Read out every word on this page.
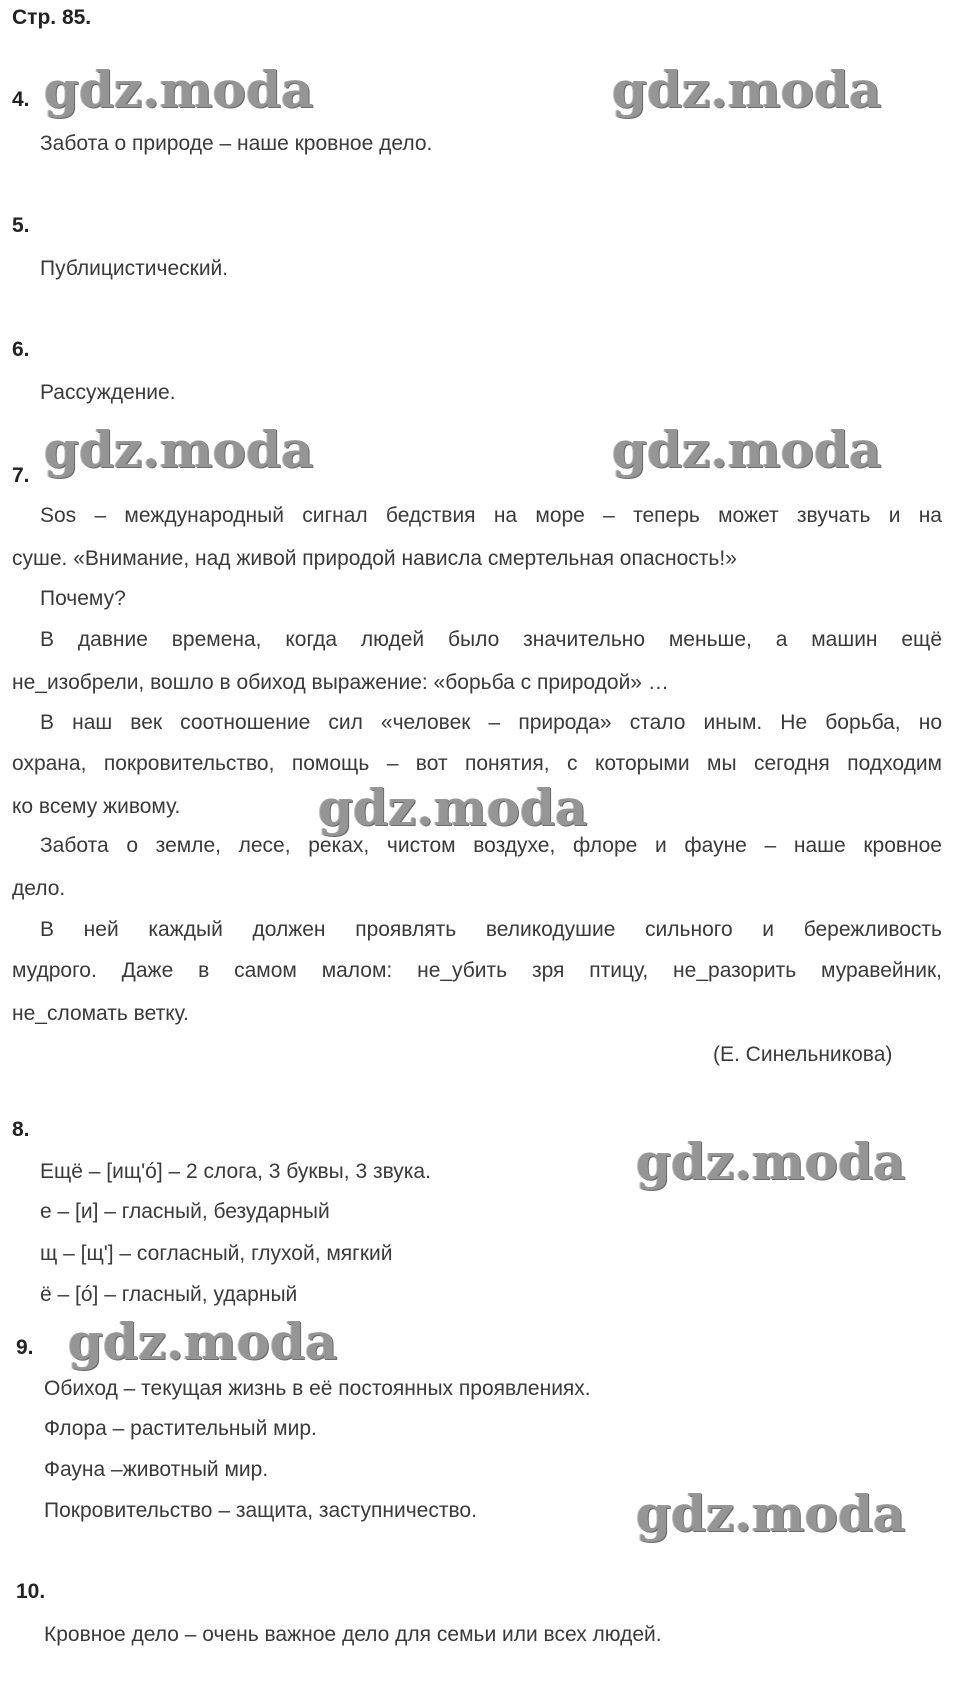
Стр. 85.
4.
Забота о природе – наше кровное дело.
5.
Публицистический.
6.
Рассуждение.
7.
Sos – международный сигнал бедствия на море – теперь может звучать и на
суше. «Внимание, над живой природой нависла смертельная опасность!»
Почему?
В давние времена, когда людей было значительно меньше, а машин ещё
не_изобрели, вошло в обиход выражение: «борьба с природой» …
В наш век соотношение сил «человек – природа» стало иным. Не борьба, но
охрана, покровительство, помощь – вот понятия, с которыми мы сегодня подходим
ко всему живому.
Забота о земле, лесе, реках, чистом воздухе, флоре и фауне – наше кровное
дело.
В ней каждый должен проявлять великодушие сильного и бережливость
мудрого. Даже в самом малом: не_убить зря птицу, не_разорить муравейник,
не_сломать ветку.
(Е. Синельникова)
8.
Ещё – [ищ'ó] – 2 слога, 3 буквы, 3 звука.
е – [и] – гласный, безударный
щ – [щ'] – согласный, глухой, мягкий
ё – [ó] – гласный, ударный
9.
Обиход – текущая жизнь в её постоянных проявлениях.
Флора – растительный мир.
Фауна –животный мир.
Покровительство – защита, заступничество.
10.
Кровное дело – очень важное дело для семьи или всех людей.
gdz.moda	gdz.moda
gdz.moda	gdz.moda
gdz.moda
gdz.moda
gdz.moda
gdz.moda
